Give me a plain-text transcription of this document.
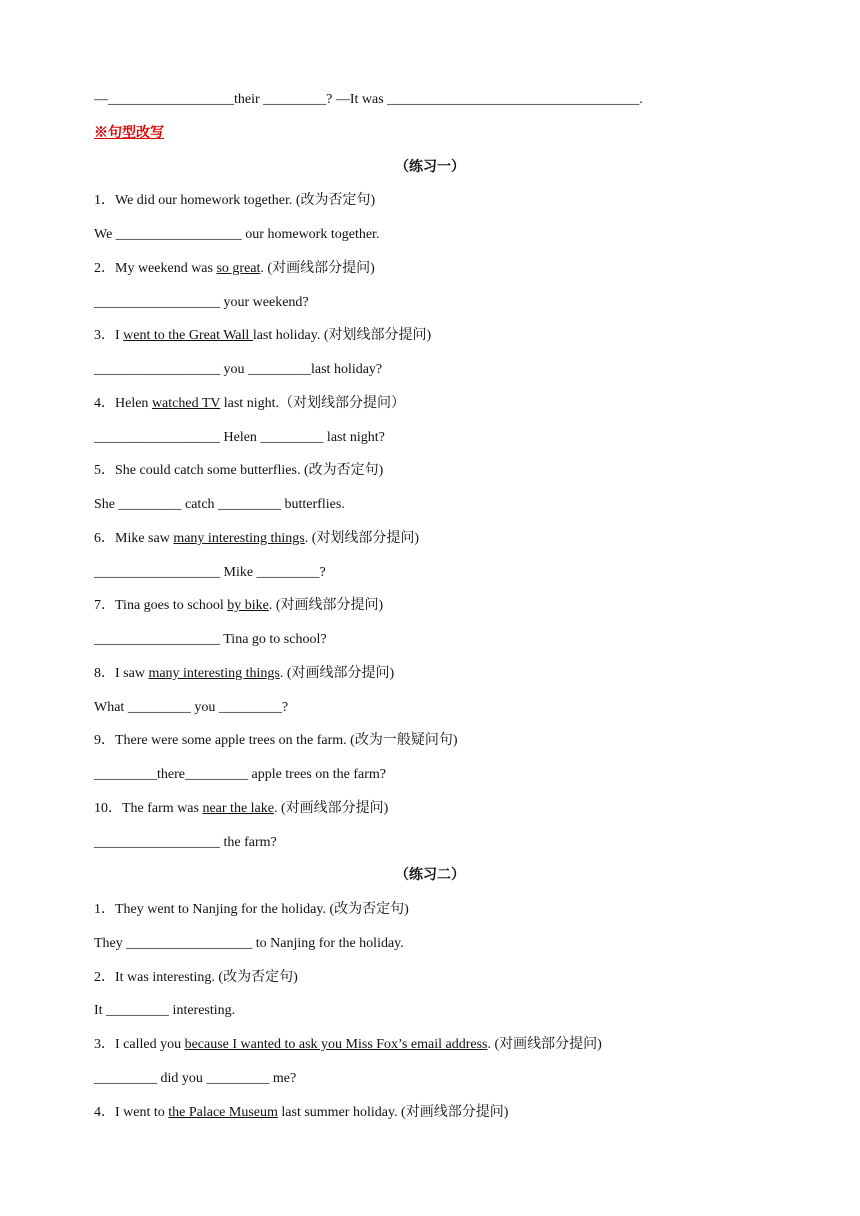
—__________________their _________? —It was ____________________________________.
※句型改写
（练习一）
1．We did our homework together. (改为否定句)
We __________________ our homework together.
2．My weekend was so great. (对画线部分提问)
__________________ your weekend?
3．I went to the Great Wall last holiday. (对划线部分提问)
__________________ you _________last holiday?
4．Helen watched TV last night.（对划线部分提问）
__________________ Helen _________ last night?
5．She could catch some butterflies. (改为否定句)
She _________ catch _________ butterflies.
6．Mike saw many interesting things. (对划线部分提问)
__________________ Mike _________?
7．Tina goes to school by bike. (对画线部分提问)
__________________ Tina go to school?
8．I saw many interesting things. (对画线部分提问)
What _________ you _________?
9．There were some apple trees on the farm. (改为一般疑问句)
_________there_________ apple trees on the farm?
10．The farm was near the lake. (对画线部分提问)
__________________ the farm?
（练习二）
1．They went to Nanjing for the holiday. (改为否定句)
They __________________ to Nanjing for the holiday.
2．It was interesting. (改为否定句)
It _________ interesting.
3．I called you because I wanted to ask you Miss Fox’s email address. (对画线部分提问)
_________ did you _________ me?
4．I went to the Palace Museum last summer holiday. (对画线部分提问)
